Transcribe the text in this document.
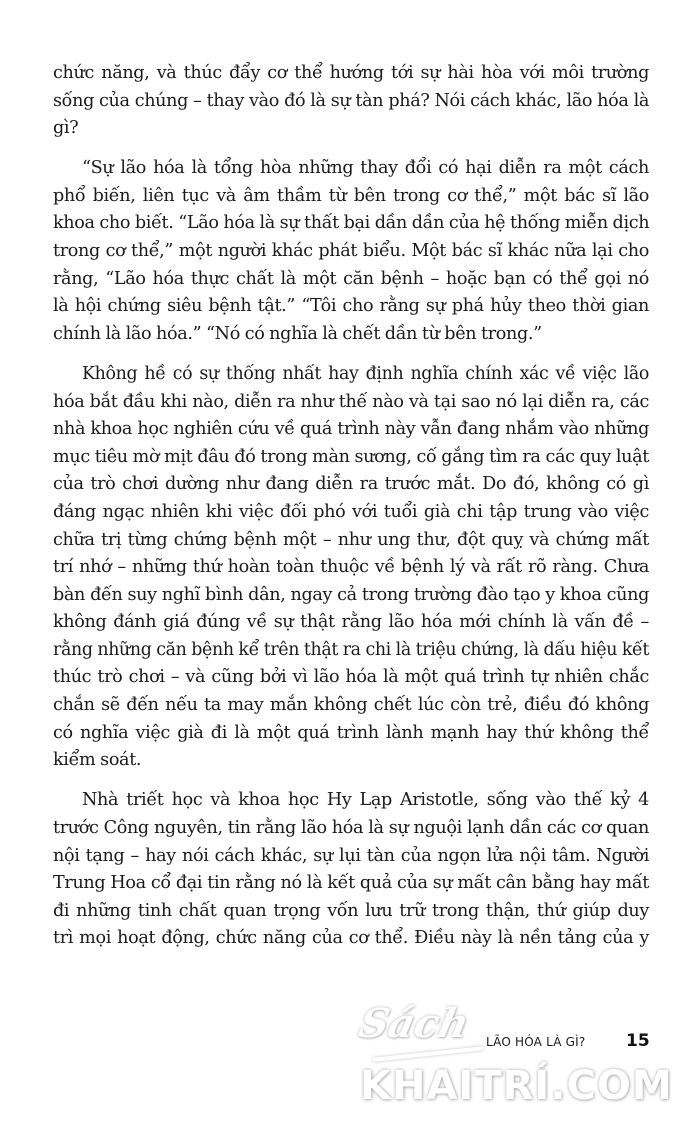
chức năng, và thúc đẩy cơ thể hướng tới sự hài hòa với môi trường
sống của chúng – thay vào đó là sự tàn phá? Nói cách khác, lão hóa là
gì?
“Sự lão hóa là tổng hòa những thay đổi có hại diễn ra một cách
phổ biến, liên tục và âm thầm từ bên trong cơ thể,” một bác sĩ lão
khoa cho biết. “Lão hóa là sự thất bại dần dần của hệ thống miễn dịch
trong cơ thể,” một người khác phát biểu. Một bác sĩ khác nữa lại cho
rằng, “Lão hóa thực chất là một căn bệnh – hoặc bạn có thể gọi nó
là hội chứng siêu bệnh tật.” “Tôi cho rằng sự phá hủy theo thời gian
chính là lão hóa.” “Nó có nghĩa là chết dần từ bên trong.”
Không hề có sự thống nhất hay định nghĩa chính xác về việc lão
hóa bắt đầu khi nào, diễn ra như thế nào và tại sao nó lại diễn ra, các
nhà khoa học nghiên cứu về quá trình này vẫn đang nhắm vào những
mục tiêu mờ mịt đâu đó trong màn sương, cố gắng tìm ra các quy luật
của trò chơi dường như đang diễn ra trước mắt. Do đó, không có gì
đáng ngạc nhiên khi việc đối phó với tuổi già chi tập trung vào việc
chữa trị từng chứng bệnh một – như ung thư, đột quỵ và chứng mất
trí nhớ – những thứ hoàn toàn thuộc về bệnh lý và rất rõ ràng. Chưa
bàn đến suy nghĩ bình dân, ngay cả trong trường đào tạo y khoa cũng
không đánh giá đúng về sự thật rằng lão hóa mới chính là vấn đề –
rằng những căn bệnh kể trên thật ra chi là triệu chứng, là dấu hiệu kết
thúc trò chơi – và cũng bởi vì lão hóa là một quá trình tự nhiên chắc
chắn sẽ đến nếu ta may mắn không chết lúc còn trẻ, điều đó không
có nghĩa việc già đi là một quá trình lành mạnh hay thứ không thể
kiểm soát.
Nhà triết học và khoa học Hy Lạp Aristotle, sống vào thế kỷ 4
trước Công nguyên, tin rằng lão hóa là sự nguội lạnh dần các cơ quan
nội tạng – hay nói cách khác, sự lụi tàn của ngọn lửa nội tâm. Người
Trung Hoa cổ đại tin rằng nó là kết quả của sự mất cân bằng hay mất
đi những tinh chất quan trọng vốn lưu trữ trong thận, thứ giúp duy
trì mọi hoạt động, chức năng của cơ thể. Điều này là nền tảng của y
LÃO HÓA LÀ GÌ? 15
Sách
KHAITRÍ.COM
